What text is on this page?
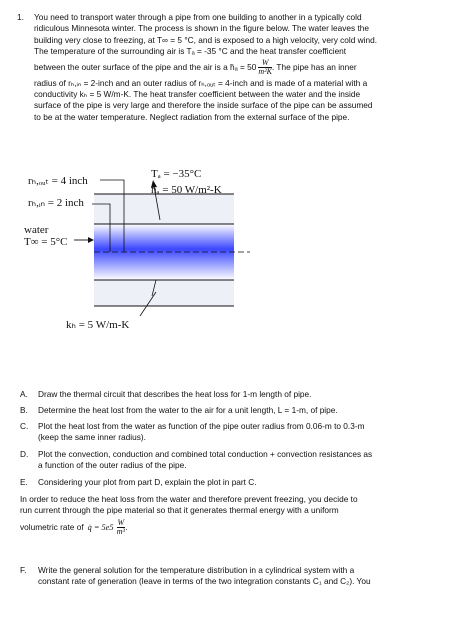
1. You need to transport water through a pipe from one building to another in a typically cold
ridiculous Minnesota winter. The process is shown in the figure below. The water leaves the
building very close to freezing, at T∞ = 5 °C, and is exposed to a high velocity, very cold wind.
The temperature of the surrounding air is Tₐ = -35 °C and the heat transfer coefficient
between the outer surface of the pipe and the air is a h̄ₐ = $50 \frac{W}{\text{m²K}}$ . The pipe has an inner
radius of rₕ,ᵢₙ = 2-inch and an outer radius of rₕ,ₒᵤₜ = 4-inch and is made of a material with a
conductivity kₕ = 5 W/m-K. The heat transfer coefficient between the water and the inside
surface of the pipe is very large and therefore the inside surface of the pipe can be assumed
to be at the water temperature. Neglect radiation from the external surface of the pipe.
rₕ,ₒᵤₜ = 4 inch
rₕ,ᵢₙ = 2 inch
Tₐ = −35°C
h̄ₐ = 50 W/m²-K
water
T∞ = 5°C
kₕ = 5 W/m-K
A. Draw the thermal circuit that describes the heat loss for 1-m length of pipe.
B. Determine the heat lost from the water to the air for a unit length, L = 1-m, of pipe.
C. Plot the heat lost from the water as function of the pipe outer radius from 0.06-m to 0.3-m
(keep the same inner radius).
D. Plot the convection, conduction and combined total conduction + convection resistances as
a function of the outer radius of the pipe.
E. Considering your plot from part D, explain the plot in part C.
In order to reduce the heat loss from the water and therefore prevent freezing, you decide to
run current through the pipe material so that it generates thermal energy with a uniform
volumetric rate of q̇ = $5e5 \frac{W}{\text{m³}}$ .
F. Write the general solution for the temperature distribution in a cylindrical system with a
constant rate of generation (leave in terms of the two integration constants C₁ and C₂). You
